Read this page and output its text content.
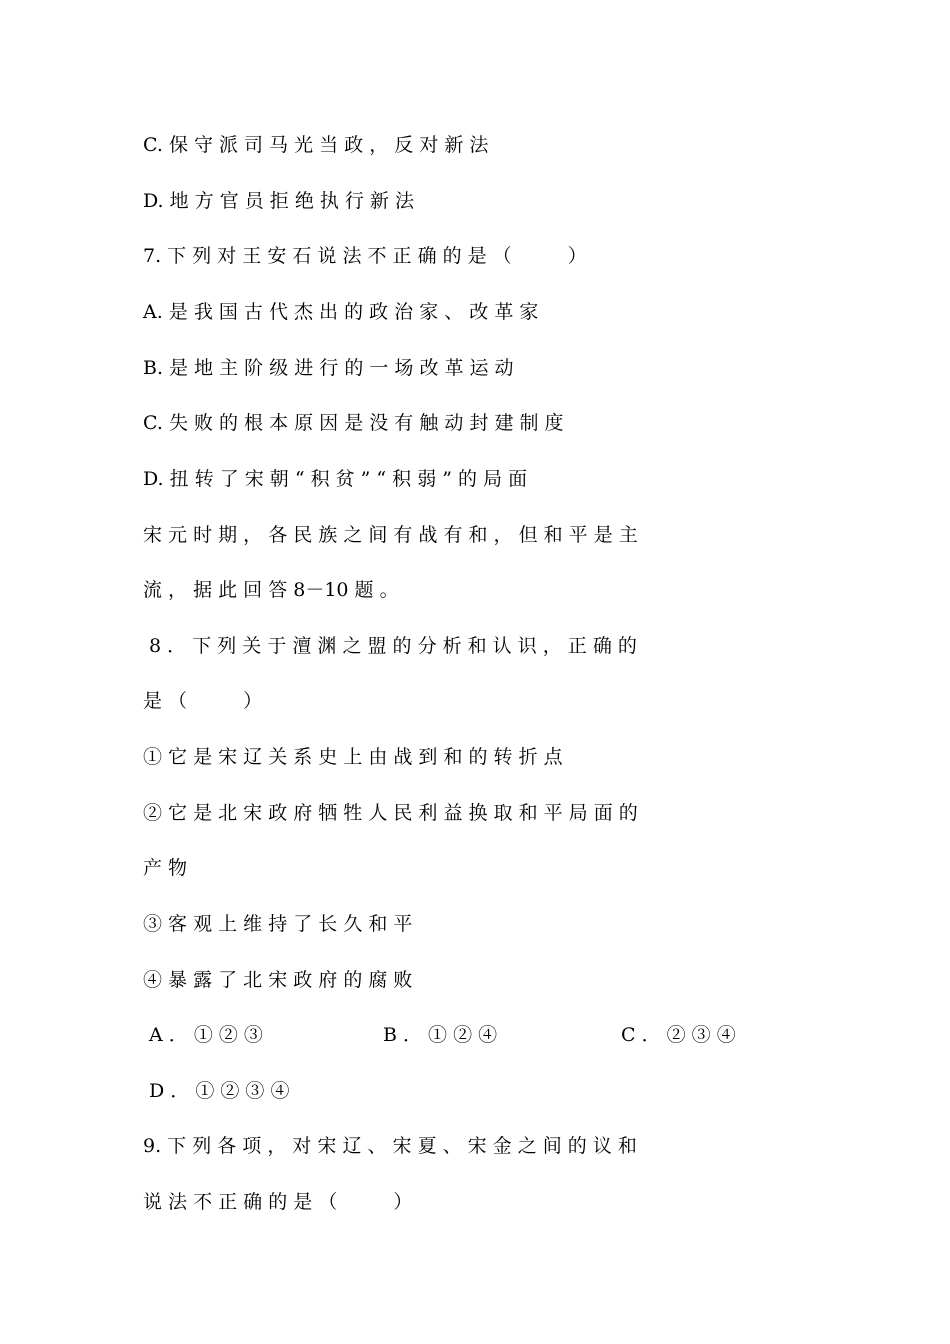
C. 保 守 派 司 马 光 当 政 ， 反 对 新 法
D. 地 方 官 员 拒 绝 执 行 新 法
7. 下 列 对 王 安 石 说 法 不 正 确 的 是 （ 　 　 ）
A. 是 我 国 古 代 杰 出 的 政 治 家 、 改 革 家
B. 是 地 主 阶 级 进 行 的 一 场 改 革 运 动
C. 失 败 的 根 本 原 因 是 没 有 触 动 封 建 制 度
D. 扭 转 了 宋 朝 “ 积 贫 ” “ 积 弱 ” 的 局 面
宋 元 时 期 ， 各 民 族 之 间 有 战 有 和 ， 但 和 平 是 主
流 ， 据 此 回 答 8－10 题 。
8 ． 下 列 关 于 澶 渊 之 盟 的 分 析 和 认 识 ， 正 确 的
是 （ 　 　 ）
① 它 是 宋 辽 关 系 史 上 由 战 到 和 的 转 折 点
② 它 是 北 宋 政 府 牺 牲 人 民 利 益 换 取 和 平 局 面 的
产 物
③ 客 观 上 维 持 了 长 久 和 平
④ 暴 露 了 北 宋 政 府 的 腐 败
A ． ① ② ③	B ． ① ② ④	C ． ② ③ ④
D ． ① ② ③ ④
9. 下 列 各 项 ， 对 宋 辽 、 宋 夏 、 宋 金 之 间 的 议 和
说 法 不 正 确 的 是 （ 　 　 ）
